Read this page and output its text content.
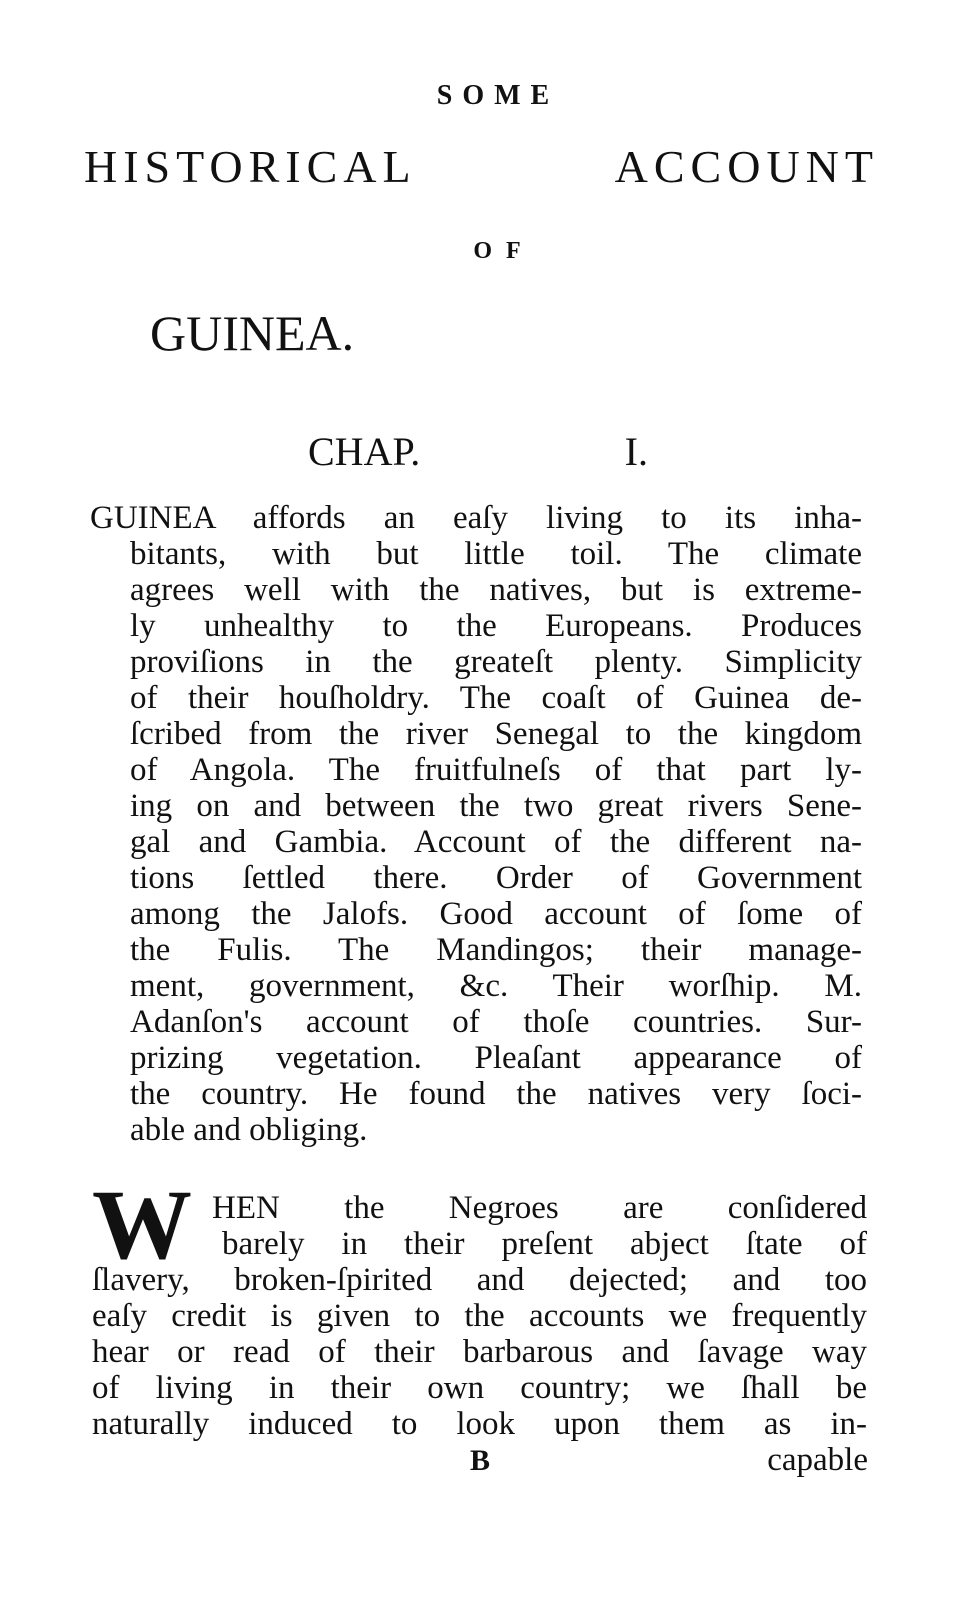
SOME
HISTORICAL ACCOUNT
OF
GUINEA.
CHAP. I.
GUINEA affords an eaſy living to its inha-
bitants, with but little toil. The climate
agrees well with the natives, but is extreme-
ly unhealthy to the Europeans. Produces
proviſions in the greateſt plenty. Simplicity
of their houſholdry. The coaſt of Guinea de-
ſcribed from the river Senegal to the kingdom
of Angola. The fruitfulneſs of that part ly-
ing on and between the two great rivers Sene-
gal and Gambia. Account of the different na-
tions ſettled there. Order of Government
among the Jalofs. Good account of ſome of
the Fulis. The Mandingos; their manage-
ment, government, &c. Their worſhip. M.
Adanſon's account of thoſe countries. Sur-
prizing vegetation. Pleaſant appearance of
the country. He found the natives very ſoci-
able and obliging.
W HEN the Negroes are conſidered
barely in their preſent abject ſtate of
ſlavery, broken-ſpirited and dejected; and too
eaſy credit is given to the accounts we frequently
hear or read of their barbarous and ſavage way
of living in their own country; we ſhall be
naturally induced to look upon them as in-
B	capable
